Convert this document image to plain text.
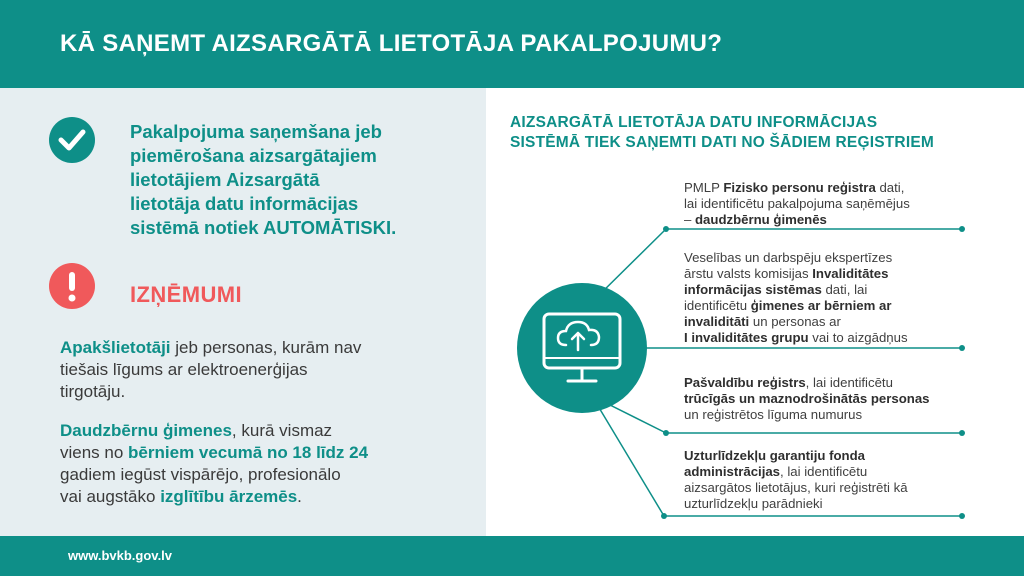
KĀ SAŅEMT AIZSARGĀTĀ LIETOTĀJA PAKALPOJUMU?
Pakalpojuma saņemšana jeb
piemērošana aizsargātajiem
lietotājiem Aizsargātā
lietotāja datu informācijas
sistēmā notiek AUTOMĀTISKI.
IZŅĒMUMI
Apakšlietotāji jeb personas, kurām nav
tiešais līgums ar elektroenerģijas
tirgotāju.
Daudzbērnu ģimenes, kurā vismaz
viens no bērniem vecumā no 18 līdz 24
gadiem iegūst vispārējo, profesionālo
vai augstāko izglītību ārzemēs.
AIZSARGĀTĀ LIETOTĀJA DATU INFORMĀCIJAS
SISTĒMĀ TIEK SAŅEMTI DATI NO ŠĀDIEM REĢISTRIEM
PMLP Fizisko personu reģistra dati,
lai identificētu pakalpojuma saņēmējus
– daudzbērnu ģimenēs
Veselības un darbspēju ekspertīzes
ārstu valsts komisijas Invaliditātes
informācijas sistēmas dati, lai
identificētu ģimenes ar bērniem ar
invaliditāti un personas ar
I invaliditātes grupu vai to aizgādņus
Pašvaldību reģistrs, lai identificētu
trūcīgās un maznodrošinātās personas
un reģistrētos līguma numurus
Uzturlīdzekļu garantiju fonda
administrācijas, lai identificētu
aizsargātos lietotājus, kuri reģistrēti kā
uzturlīdzekļu parādnieki
www.bvkb.gov.lv
